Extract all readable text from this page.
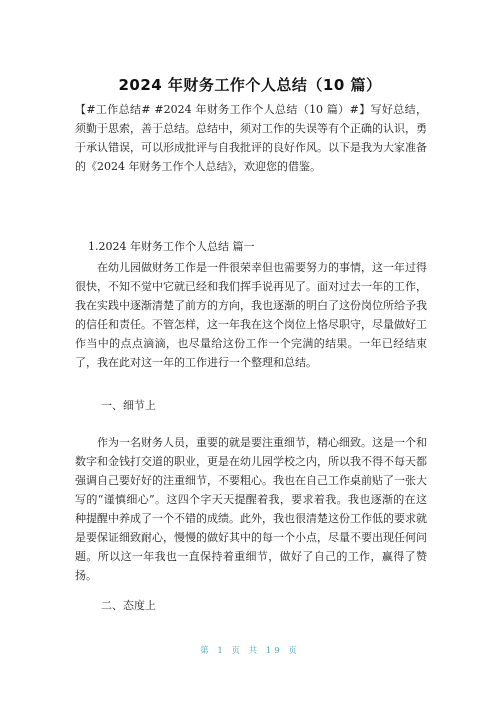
2024 年财务工作个人总结（10 篇）

【#工作总结# #2024 年财务工作个人总结（10 篇）#】写好总结，须勤于思索，善于总结。总结中，须对工作的失误等有个正确的认识，勇于承认错误，可以形成批评与自我批评的良好作风。以下是我为大家准备的《2024 年财务工作个人总结》，欢迎您的借鉴。

1.2024 年财务工作个人总结 篇一

在幼儿园做财务工作是一件很荣幸但也需要努力的事情，这一年过得很快，不知不觉中它就已经和我们挥手说再见了。面对过去一年的工作，我在实践中逐渐清楚了前方的方向，我也逐渐的明白了这份岗位所给予我的信任和责任。不管怎样，这一年我在这个岗位上恪尽职守，尽量做好工作当中的点点滴滴，也尽量给这份工作一个完满的结果。一年已经结束了，我在此对这一年的工作进行一个整理和总结。

一、细节上

作为一名财务人员，重要的就是要注重细节，精心细致。这是一个和数字和金钱打交道的职业，更是在幼儿园学校之内，所以我不得不每天都强调自己要好好的注重细节，不要粗心。我也在自己工作桌前贴了一张大写的“谨慎细心”。这四个字天天提醒着我，要求着我。我也逐渐的在这种提醒中养成了一个不错的成绩。此外，我也很清楚这份工作低的要求就是要保证细致耐心，慢慢的做好其中的每一个小点，尽量不要出现任何问题。所以这一年我也一直保持着重细节，做好了自己的工作，赢得了赞扬。

二、态度上

第 1 页 共 19 页
